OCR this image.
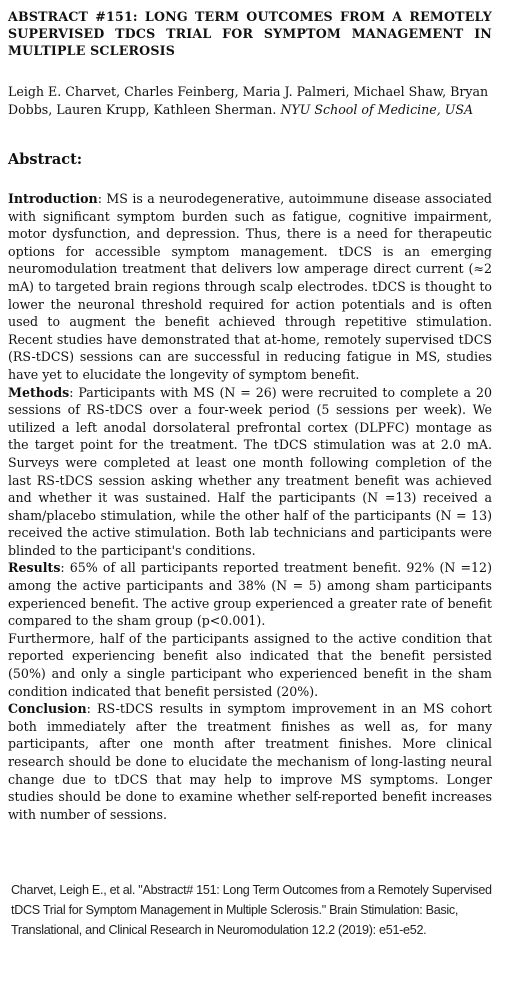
ABSTRACT #151: LONG TERM OUTCOMES FROM A REMOTELY SUPERVISED TDCS TRIAL FOR SYMPTOM MANAGEMENT IN MULTIPLE SCLEROSIS

Leigh E. Charvet, Charles Feinberg, Maria J. Palmeri, Michael Shaw, Bryan Dobbs, Lauren Krupp, Kathleen Sherman. NYU School of Medicine, USA

Abstract:

Introduction: MS is a neurodegenerative, autoimmune disease associated with significant symptom burden such as fatigue, cognitive impairment, motor dysfunction, and depression. Thus, there is a need for therapeutic options for accessible symptom management. tDCS is an emerging neuromodulation treatment that delivers low amperage direct current (≈2 mA) to targeted brain regions through scalp electrodes. tDCS is thought to lower the neuronal threshold required for action potentials and is often used to augment the benefit achieved through repetitive stimulation. Recent studies have demonstrated that at-home, remotely supervised tDCS (RS-tDCS) sessions can are successful in reducing fatigue in MS, studies have yet to elucidate the longevity of symptom benefit.

Methods: Participants with MS (N = 26) were recruited to complete a 20 sessions of RS-tDCS over a four-week period (5 sessions per week). We utilized a left anodal dorsolateral prefrontal cortex (DLPFC) montage as the target point for the treatment. The tDCS stimulation was at 2.0 mA. Surveys were completed at least one month following completion of the last RS-tDCS session asking whether any treatment benefit was achieved and whether it was sustained. Half the participants (N =13) received a sham/placebo stimulation, while the other half of the participants (N = 13) received the active stimulation. Both lab technicians and participants were blinded to the participant's conditions.

Results: 65% of all participants reported treatment benefit. 92% (N =12) among the active participants and 38% (N = 5) among sham participants experienced benefit. The active group experienced a greater rate of benefit compared to the sham group (p<0.001).

Furthermore, half of the participants assigned to the active condition that reported experiencing benefit also indicated that the benefit persisted (50%) and only a single participant who experienced benefit in the sham condition indicated that benefit persisted (20%).

Conclusion: RS-tDCS results in symptom improvement in an MS cohort both immediately after the treatment finishes as well as, for many participants, after one month after treatment finishes. More clinical research should be done to elucidate the mechanism of long-lasting neural change due to tDCS that may help to improve MS symptoms. Longer studies should be done to examine whether self-reported benefit increases with number of sessions.

Charvet, Leigh E., et al. "Abstract# 151: Long Term Outcomes from a Remotely Supervised tDCS Trial for Symptom Management in Multiple Sclerosis." Brain Stimulation: Basic, Translational, and Clinical Research in Neuromodulation 12.2 (2019): e51-e52.
